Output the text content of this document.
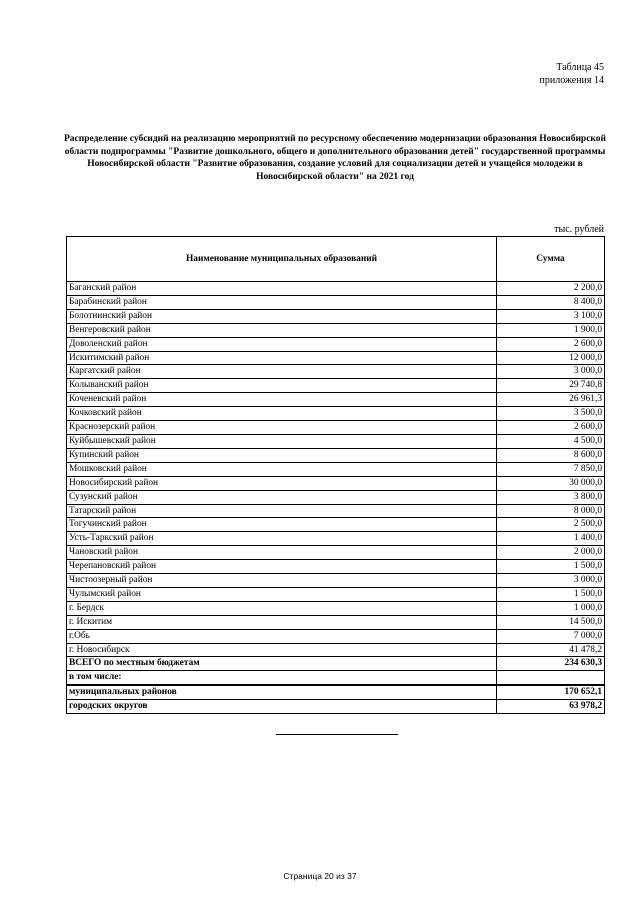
Таблица 45
приложения 14
Распределение субсидий на реализацию мероприятий по ресурсному обеспечению модернизации образования Новосибирской области подпрограммы "Развитие дошкольного, общего и дополнительного образования детей" государственной программы Новосибирской области "Развитие образования, создание условий для социализации детей и учащейся молодежи в Новосибирской области" на 2021 год
тыс. рублей
Наименование муниципальных образований	Сумма
Баганский район	2 200,0
Барабинский район	8 400,0
Болотнинский район	3 100,0
Венгеровский район	1 900,0
Доволенский район	2 600,0
Искитимский район	12 000,0
Каргатский район	3 000,0
Колыванский район	29 740,8
Коченевский район	26 961,3
Кочковский район	3 500,0
Краснозерский район	2 600,0
Куйбышевский район	4 500,0
Купинский район	8 600,0
Мошковский район	7 850,0
Новосибирский район	30 000,0
Сузунский район	3 800,0
Татарский район	8 000,0
Тогучинский район	2 500,0
Усть-Таркский район	1 400,0
Чановский район	2 000,0
Черепановский район	1 500,0
Чистоозерный район	3 000,0
Чулымский район	1 500,0
г. Бердск	1 000,0
г. Искитим	14 500,0
г.Обь	7 000,0
г. Новосибирск	41 478,2
ВСЕГО по местным бюджетам	234 630,3
в том числе:	
муниципальных районов	170 652,1
городских округов	63 978,2
Страница 20 из 37
